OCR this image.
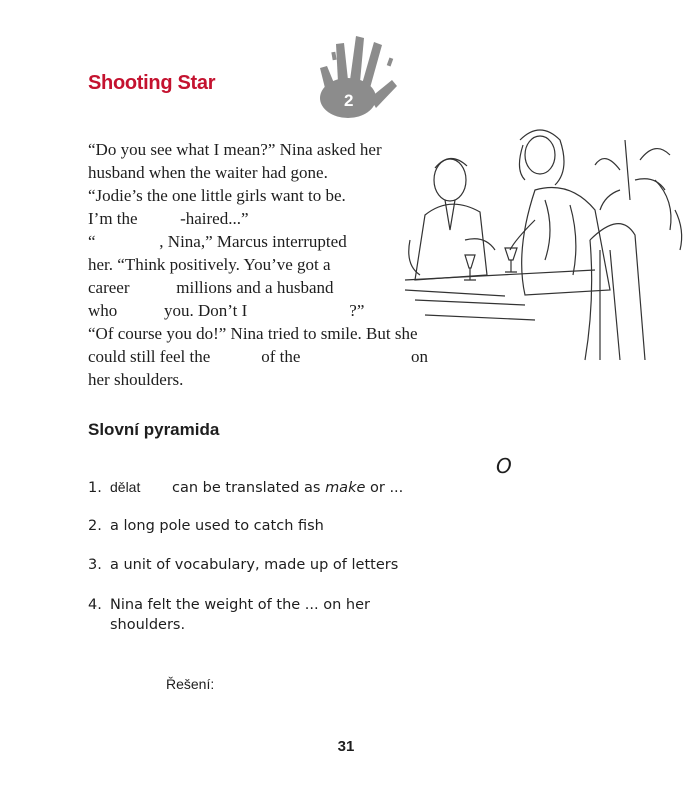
Shooting Star
2
“Do you see what I mean?” Nina asked her
husband when the waiter had gone.
“Jodie’s the one little girls want to be.
I’m the          -haired...”
“               , Nina,” Marcus interrupted
her. “Think positively. You’ve got a
career           millions and a husband
who           you. Don’t I                        ?”
“Of course you do!” Nina tried to smile. But she
could still feel the            of the                          on
her shoulders.
Slovní pyramida
O
1. dělat can be translated as make or ...
2. a long pole used to catch fish
3. a unit of vocabulary, made up of letters
4. Nina felt the weight of the ... on her
shoulders.
Řešení:
31
